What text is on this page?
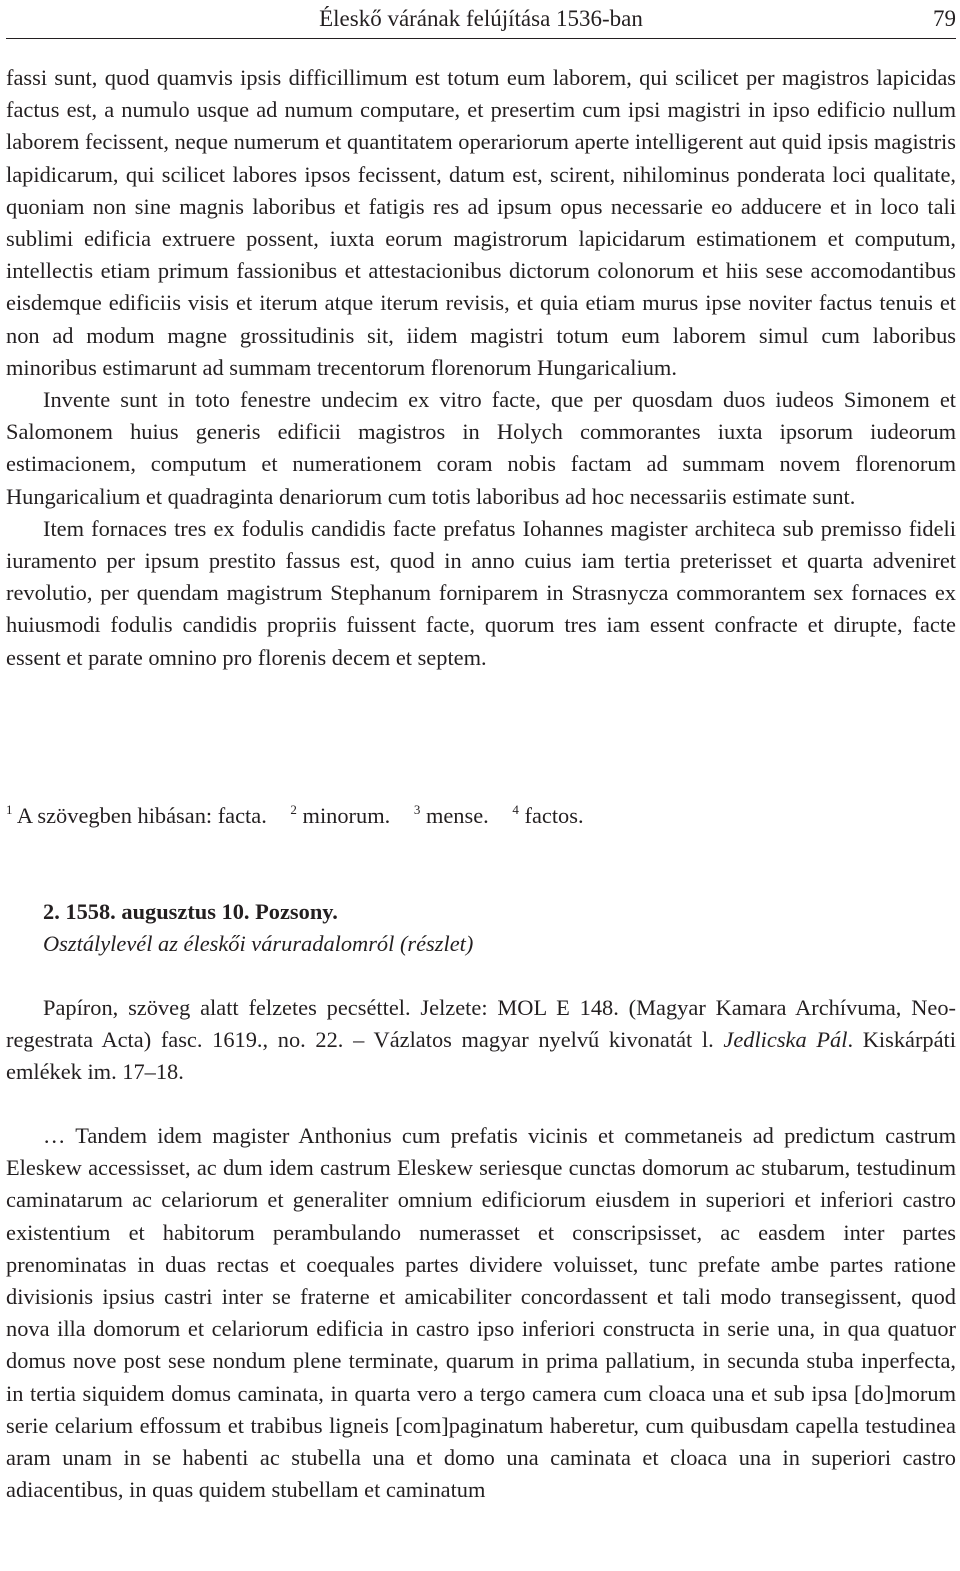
Éleskő várának felújítása 1536-ban	79

fassi sunt, quod quamvis ipsis difficillimum est totum eum laborem, qui scilicet per magistros lapicidas factus est, a numulo usque ad numum computare, et presertim cum ipsi magistri in ipso edificio nullum laborem fecissent, neque numerum et quantitatem operariorum aperte intelligerent aut quid ipsis magistris lapidicarum, qui scilicet labores ipsos fecissent, datum est, scirent, nihilominus ponderata loci qualitate, quoniam non sine magnis laboribus et fatigis res ad ipsum opus necessarie eo adducere et in loco tali sublimi edificia extruere possent, iuxta eorum magistrorum lapicidarum estimationem et computum, intellectis etiam primum fassionibus et attestacionibus dictorum colonorum et hiis sese accomodantibus eisdemque edificiis visis et iterum atque iterum revisis, et quia etiam murus ipse noviter factus tenuis et non ad modum magne grossitudinis sit, iidem magistri totum eum laborem simul cum laboribus minoribus estimarunt ad summam trecentorum florenorum Hungaricalium.

Invente sunt in toto fenestre undecim ex vitro facte, que per quosdam duos iudeos Simonem et Salomonem huius generis edificii magistros in Holych commorantes iuxta ipsorum iudeorum estimacionem, computum et numerationem coram nobis factam ad summam novem florenorum Hungaricalium et quadraginta denariorum cum totis laboribus ad hoc necessariis estimate sunt.

Item fornaces tres ex fodulis candidis facte prefatus Iohannes magister architeca sub premisso fideli iuramento per ipsum prestito fassus est, quod in anno cuius iam tertia preterisset et quarta adveniret revolutio, per quendam magistrum Stephanum forniparem in Strasnycza commorantem sex fornaces ex huiusmodi fodulis candidis propriis fuissent facte, quorum tres iam essent confracte et dirupte, facte essent et parate omnino pro florenis decem et septem.

$^1$ A szövegben hibásan: facta. $^2$ minorum. $^3$ mense. $^4$ factos.
2. 1558. augusztus 10. Pozsony.
Osztálylevél az éleskői váruradalomról (részlet)

Papíron, szöveg alatt felzetes pecséttel. Jelzete: MOL E 148. (Magyar Kamara Archívuma, Neo-regestrata Acta) fasc. 1619., no. 22. – Vázlatos magyar nyelvű kivonatát l. Jedlicska Pál. Kiskárpáti emlékek im. 17–18.

… Tandem idem magister Anthonius cum prefatis vicinis et commetaneis ad predictum castrum Eleskew accessisset, ac dum idem castrum Eleskew seriesque cunctas domorum ac stubarum, testudinum caminatarum ac celariorum et generaliter omnium edificiorum eiusdem in superiori et inferiori castro existentium et habitorum perambulando numerasset et conscripsisset, ac easdem inter partes prenominatas in duas rectas et coequales partes dividere voluisset, tunc prefate ambe partes ratione divisionis ipsius castri inter se fraterne et amicabiliter concordassent et tali modo transegissent, quod nova illa domorum et celariorum edificia in castro ipso inferiori constructa in serie una, in qua quatuor domus nove post sese nondum plene terminate, quarum in prima pallatium, in secunda stuba inperfecta, in tertia siquidem domus caminata, in quarta vero a tergo camera cum cloaca una et sub ipsa [do]morum serie celarium effossum et trabibus ligneis [com]paginatum haberetur, cum quibusdam capella testudinea aram unam in se habenti ac stubella una et domo una caminata et cloaca una in superiori castro adiacentibus, in quas quidem stubellam et caminatum
